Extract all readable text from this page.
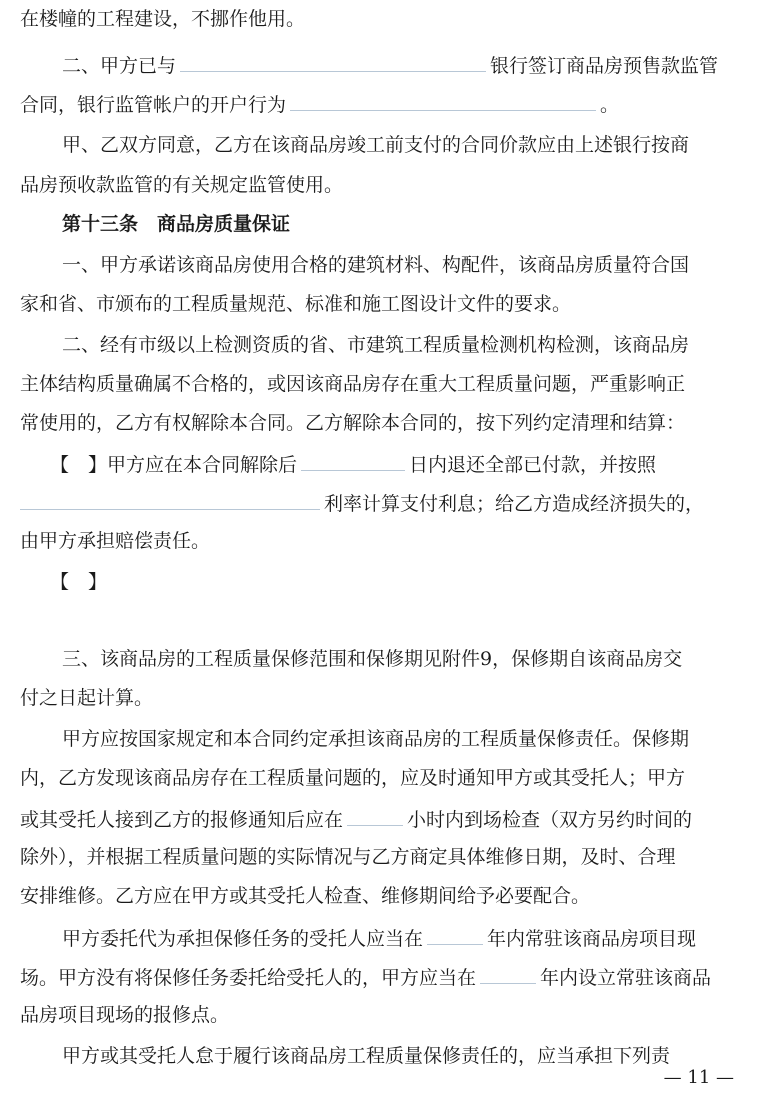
在楼幢的工程建设，不挪作他用。
二、甲方已与	银行签订商品房预售款监管
合同，银行监管帐户的开户行为	。
甲、乙双方同意，乙方在该商品房竣工前支付的合同价款应由上述银行按商
品房预收款监管的有关规定监管使用。
第十三条　商品房质量保证
一、甲方承诺该商品房使用合格的建筑材料、构配件，该商品房质量符合国
家和省、市颁布的工程质量规范、标准和施工图设计文件的要求。
二、经有市级以上检测资质的省、市建筑工程质量检测机构检测，该商品房
主体结构质量确属不合格的，或因该商品房存在重大工程质量问题，严重影响正
常使用的，乙方有权解除本合同。乙方解除本合同的，按下列约定清理和结算：
【　】甲方应在本合同解除后	日内退还全部已付款，并按照
利率计算支付利息；给乙方造成经济损失的，
由甲方承担赔偿责任。
【　】
三、该商品房的工程质量保修范围和保修期见附件9，保修期自该商品房交
付之日起计算。
甲方应按国家规定和本合同约定承担该商品房的工程质量保修责任。保修期
内，乙方发现该商品房存在工程质量问题的，应及时通知甲方或其受托人；甲方
或其受托人接到乙方的报修通知后应在	小时内到场检查（双方另约时间的
除外），并根据工程质量问题的实际情况与乙方商定具体维修日期，及时、合理
安排维修。乙方应在甲方或其受托人检查、维修期间给予必要配合。
甲方委托代为承担保修任务的受托人应当在	年内常驻该商品房项目现
场。甲方没有将保修任务委托给受托人的，甲方应当在	年内设立常驻该商品
品房项目现场的报修点。
甲方或其受托人怠于履行该商品房工程质量保修责任的，应当承担下列责
— 11 —
